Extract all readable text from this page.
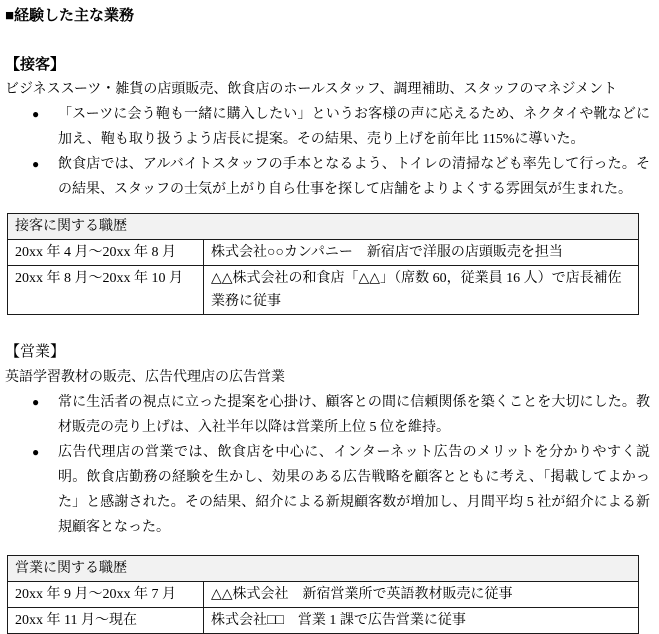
■経験した主な業務
【接客】
ビジネススーツ・雑貨の店頭販売、飲食店のホールスタッフ、調理補助、スタッフのマネジメント
●	「スーツに会う鞄も一緒に購入したい」というお客様の声に応えるため、ネクタイや靴などに加え、鞄も取り扱うよう店長に提案。その結果、売り上げを前年比 115%に導いた。
●	飲食店では、アルバイトスタッフの手本となるよう、トイレの清掃なども率先して行った。その結果、スタッフの士気が上がり自ら仕事を探して店舗をよりよくする雰囲気が生まれた。
接客に関する職歴	
20xx 年 4 月～20xx 年 8 月	株式会社○○カンパニー　新宿店で洋服の店頭販売を担当
20xx 年 8 月～20xx 年 10 月	△△株式会社の和食店「△△」（席数 60，従業員 16 人）で店長補佐業務に従事
【営業】
英語学習教材の販売、広告代理店の広告営業
●	常に生活者の視点に立った提案を心掛け、顧客との間に信頼関係を築くことを大切にした。教材販売の売り上げは、入社半年以降は営業所上位 5 位を維持。
●	広告代理店の営業では、飲食店を中心に、インターネット広告のメリットを分かりやすく説明。飲食店勤務の経験を生かし、効果のある広告戦略を顧客とともに考え、「掲載してよかった」と感謝された。その結果、紹介による新規顧客数が増加し、月間平均 5 社が紹介による新規顧客となった。
営業に関する職歴	
20xx 年 9 月～20xx 年 7 月	△△株式会社　新宿営業所で英語教材販売に従事
20xx 年 11 月～現在	株式会社□□　営業 1 課で広告営業に従事
